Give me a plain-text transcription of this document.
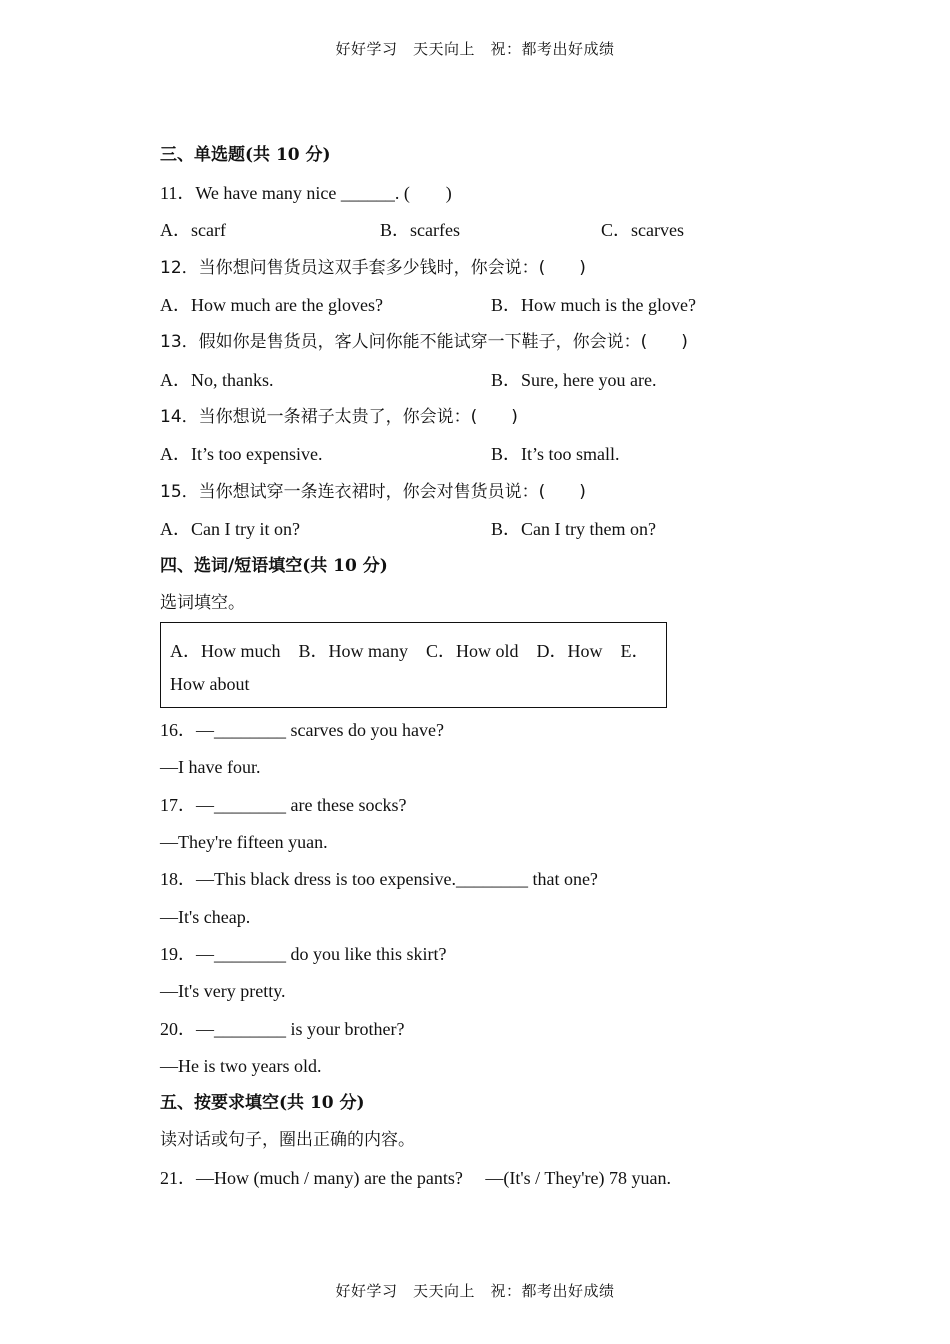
好好学习　天天向上　祝：都考出好成绩
三、单选题(共 10 分)
11．We have many nice ______. (　　)
A．scarf	B．scarfes	C．scarves
12．当你想问售货员这双手套多少钱时，你会说：(　　)
A．How much are the gloves?	B．How much is the glove?
13．假如你是售货员，客人问你能不能试穿一下鞋子，你会说：(　　)
A．No, thanks.	B．Sure, here you are.
14．当你想说一条裙子太贵了，你会说：(　　)
A．It’s too expensive.	B．It’s too small.
15．当你想试穿一条连衣裙时，你会对售货员说：(　　)
A．Can I try it on?	B．Can I try them on?
四、选词/短语填空(共 10 分)
选词填空。
A．How much　B．How many　C．How old　D．How　E．
How about
16．—________ scarves do you have?
—I have four.
17．—________ are these socks?
—They're fifteen yuan.
18．—This black dress is too expensive.________ that one?
—It's cheap.
19．—________ do you like this skirt?
—It's very pretty.
20．—________ is your brother?
—He is two years old.
五、按要求填空(共 10 分)
读对话或句子，圈出正确的内容。
21．—How (much / many) are the pants?　 —(It's / They're) 78 yuan.
好好学习　天天向上　祝：都考出好成绩
